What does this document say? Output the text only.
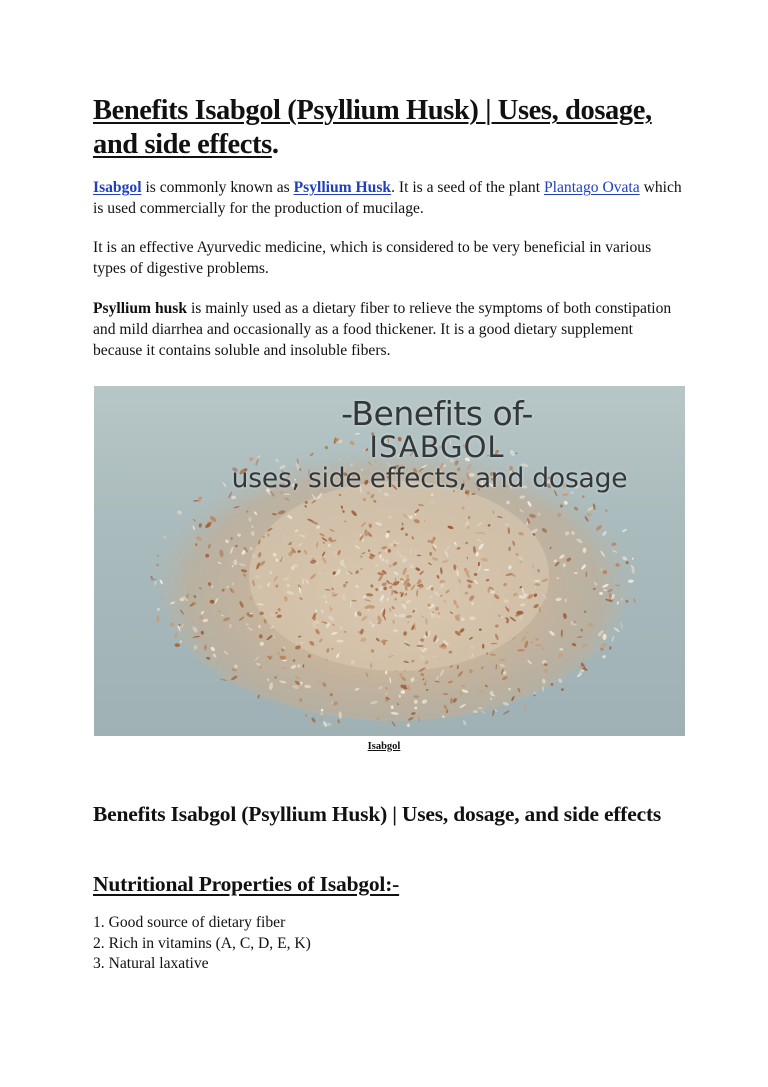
Benefits Isabgol (Psyllium Husk) | Uses, dosage, and side effects.

Isabgol is commonly known as Psyllium Husk. It is a seed of the plant Plantago Ovata which is used commercially for the production of mucilage.

It is an effective Ayurvedic medicine, which is considered to be very beneficial in various types of digestive problems.

Psyllium husk is mainly used as a dietary fiber to relieve the symptoms of both constipation and mild diarrhea and occasionally as a food thickener. It is a good dietary supplement because it contains soluble and insoluble fibers.

-Benefits of-
ISABGOL
uses, side effects, and dosage
Isabgol
Benefits Isabgol (Psyllium Husk) | Uses, dosage, and side effects
Nutritional Properties of Isabgol:-
1. Good source of dietary fiber
2. Rich in vitamins (A, C, D, E, K)
3. Natural laxative
